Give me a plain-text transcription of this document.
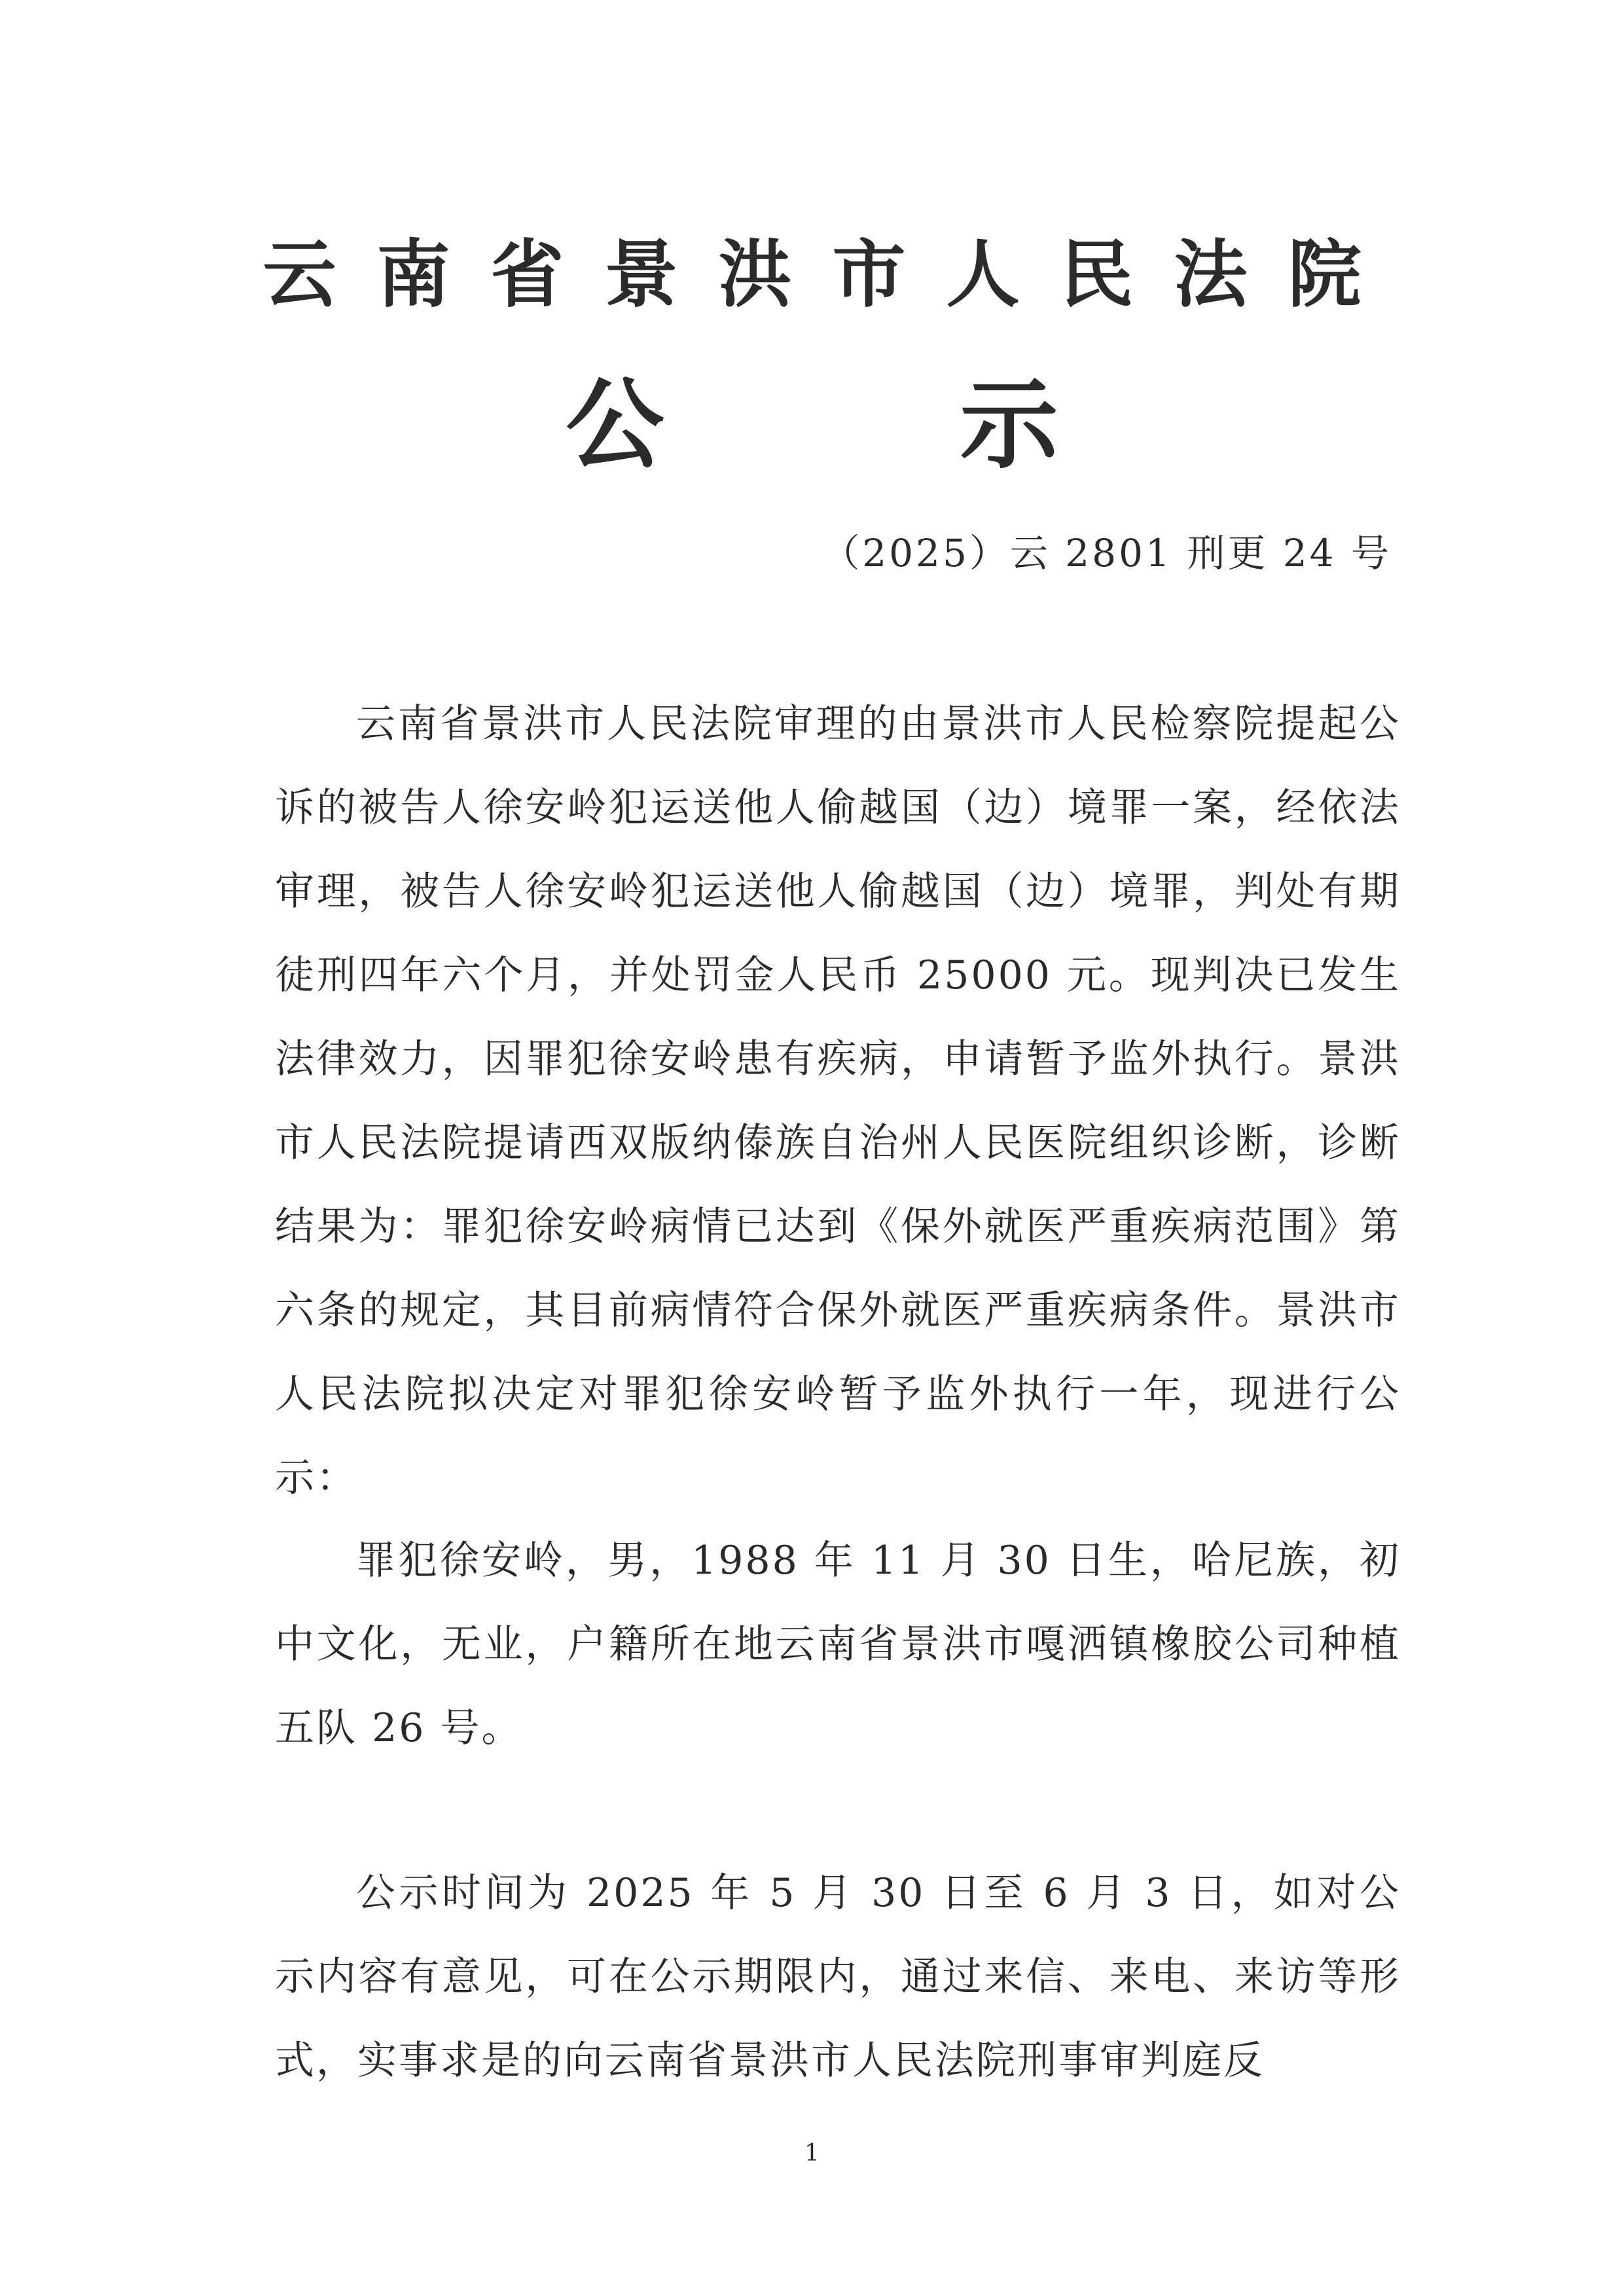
云南省景洪市人民法院
公 示

（2025）云 2801 刑更 24 号

云南省景洪市人民法院审理的由景洪市人民检察院提起公诉的被告人徐安岭犯运送他人偷越国（边）境罪一案，经依法审理，被告人徐安岭犯运送他人偷越国（边）境罪，判处有期徒刑四年六个月，并处罚金人民币 25000 元。现判决已发生法律效力，因罪犯徐安岭患有疾病，申请暂予监外执行。景洪市人民法院提请西双版纳傣族自治州人民医院组织诊断，诊断结果为：罪犯徐安岭病情已达到《保外就医严重疾病范围》第六条的规定，其目前病情符合保外就医严重疾病条件。景洪市人民法院拟决定对罪犯徐安岭暂予监外执行一年，现进行公示：

罪犯徐安岭，男，1988 年 11 月 30 日生，哈尼族，初中文化，无业，户籍所在地云南省景洪市嘎洒镇橡胶公司种植五队 26 号。

公示时间为 2025 年 5 月 30 日至 6 月 3 日，如对公示内容有意见，可在公示期限内，通过来信、来电、来访等形式，实事求是的向云南省景洪市人民法院刑事审判庭反

1
